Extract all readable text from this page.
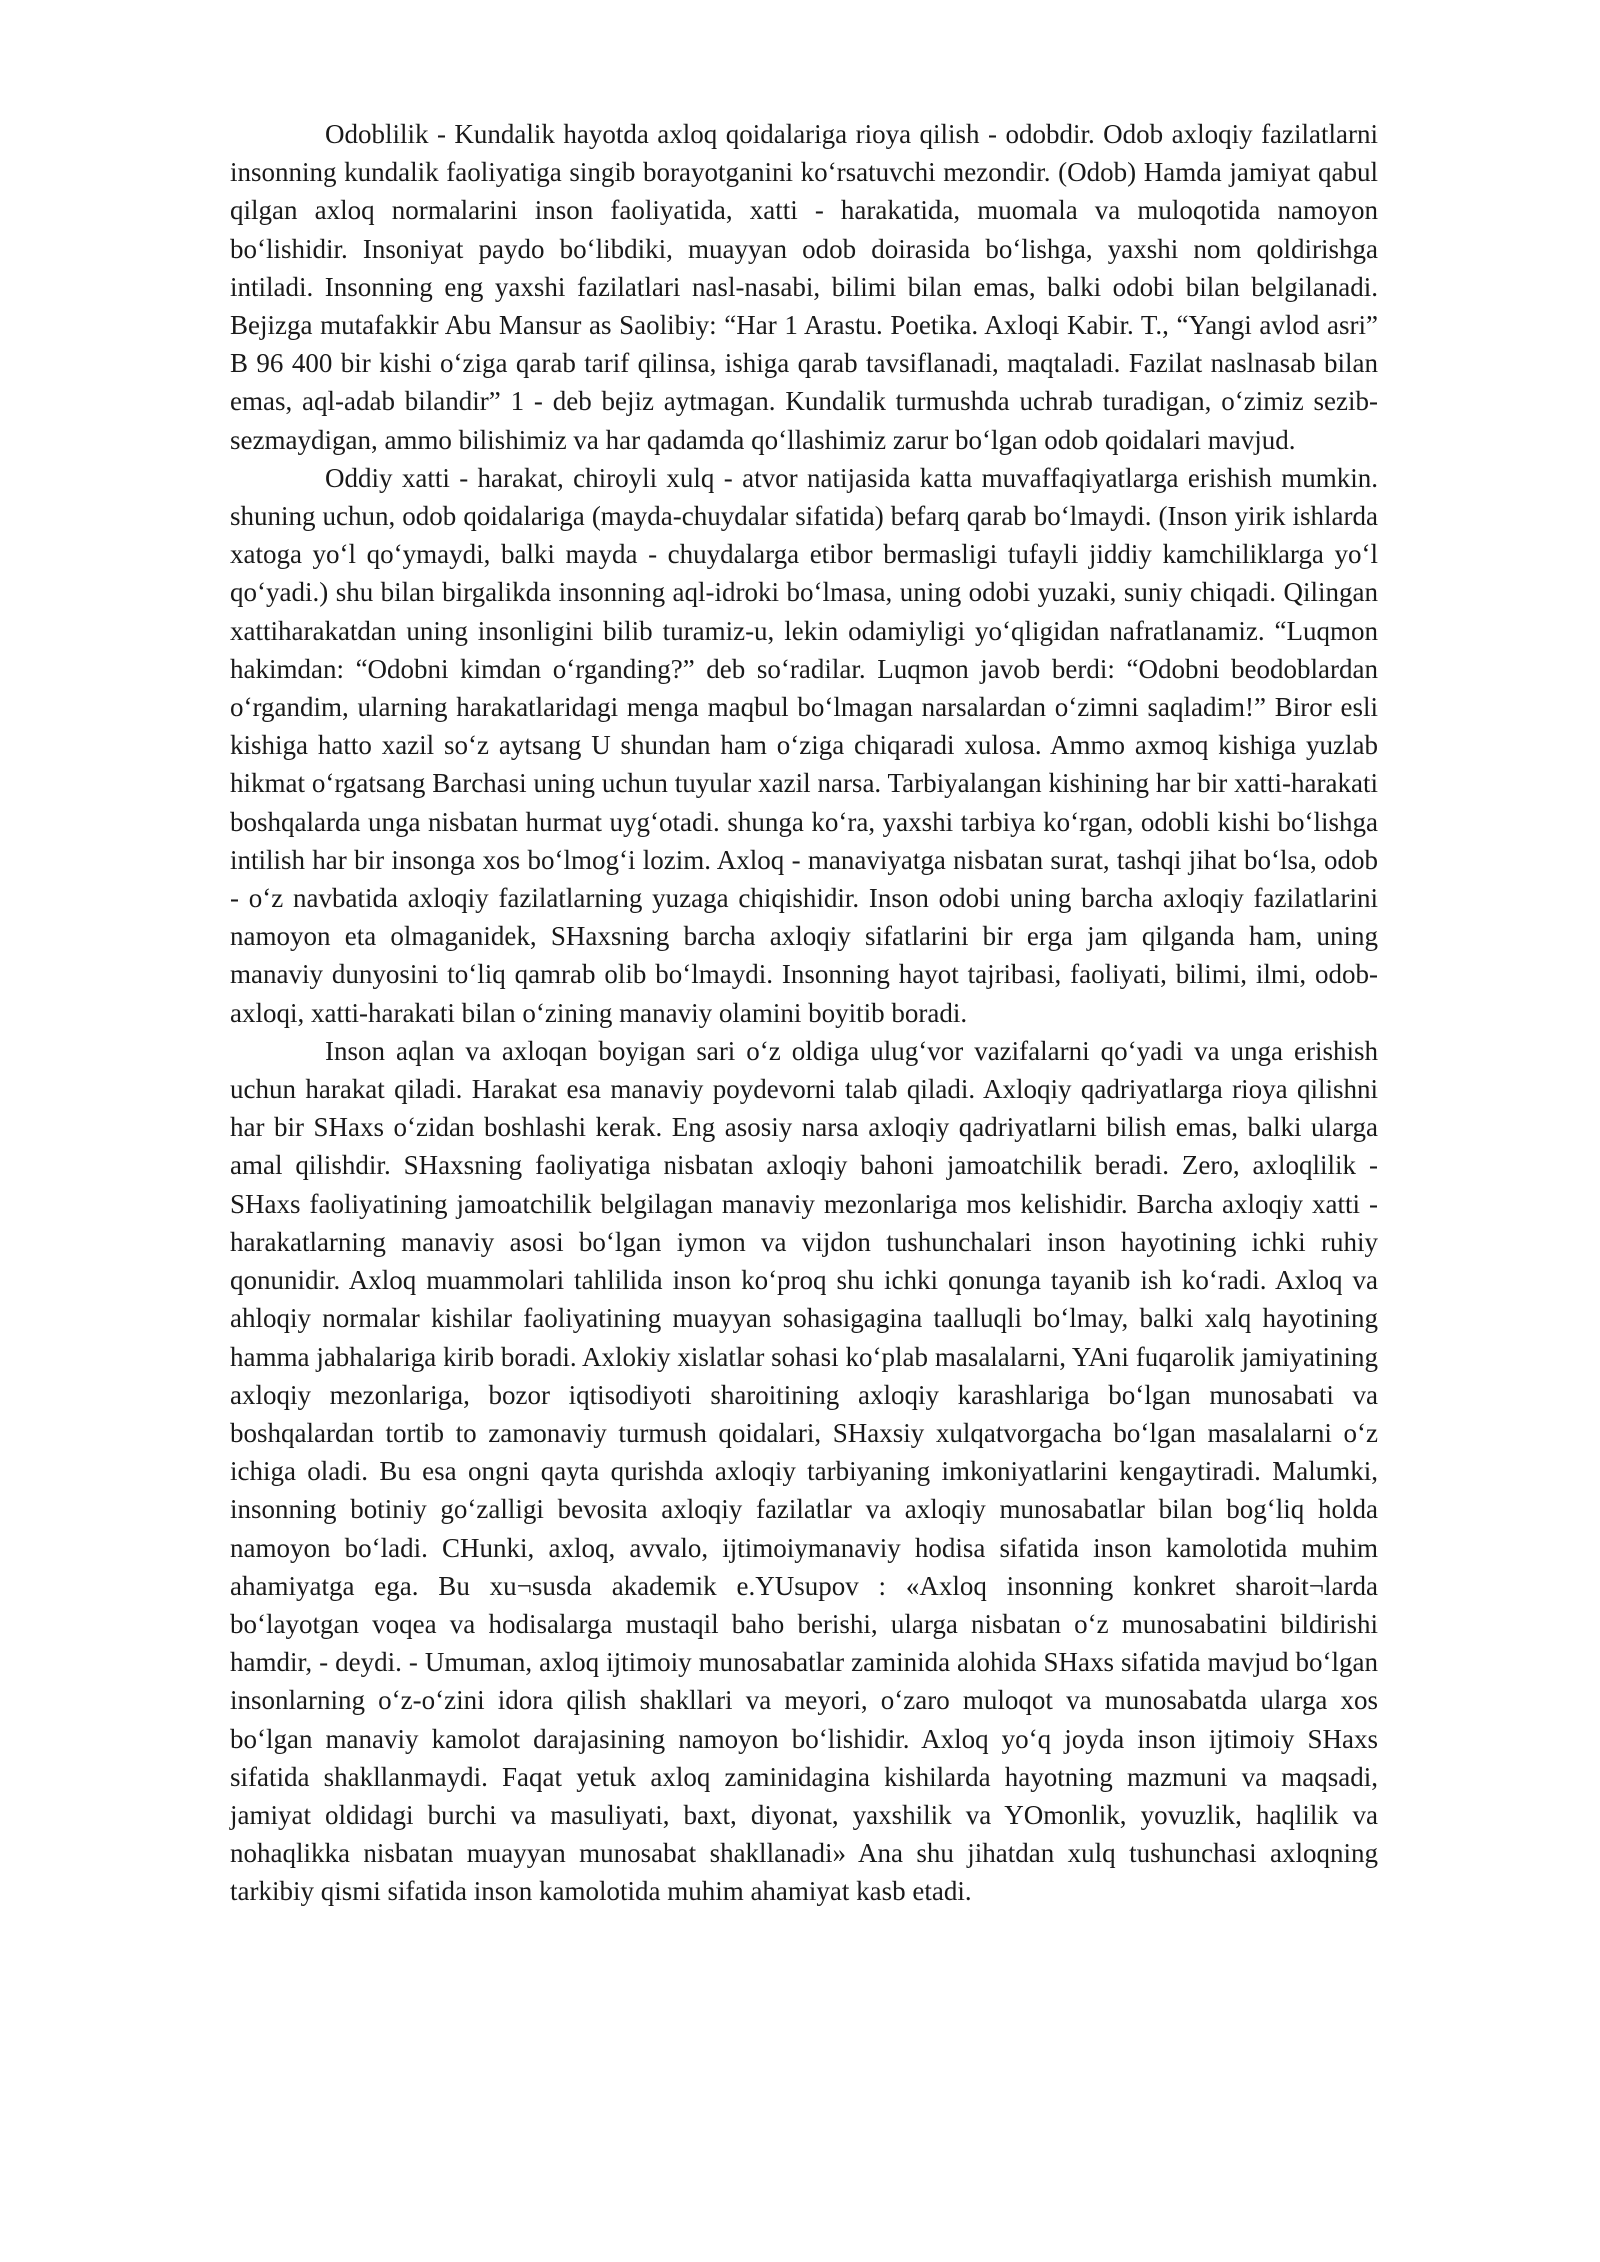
Odoblilik - Kundalik hayotda axloq qoidalariga rioya qilish - odobdir. Odob axloqiy fazilatlarni insonning kundalik faoliyatiga singib borayotganini ko‘rsatuvchi mezondir. (Odob) Hamda jamiyat qabul qilgan axloq normalarini inson faoliyatida, xatti - harakatida, muomala va muloqotida namoyon bo‘lishidir. Insoniyat paydo bo‘libdiki, muayyan odob doirasida bo‘lishga, yaxshi nom qoldirishga intiladi. Insonning eng yaxshi fazilatlari nasl-nasabi, bilimi bilan emas, balki odobi bilan belgilanadi. Bejizga mutafakkir Abu Mansur as Saolibiy: “Har 1 Arastu. Poetika. Axloqi Kabir. T., “Yangi avlod asri” B 96 400 bir kishi o‘ziga qarab tarif qilinsa, ishiga qarab tavsiflanadi, maqtaladi. Fazilat naslnasab bilan emas, aql-adab bilandir” 1 - deb bejiz aytmagan. Kundalik turmushda uchrab turadigan, o‘zimiz sezib-sezmaydigan, ammo bilishimiz va har qadamda qo‘llashimiz zarur bo‘lgan odob qoidalari mavjud.

Oddiy xatti - harakat, chiroyli xulq - atvor natijasida katta muvaffaqiyatlarga erishish mumkin. shuning uchun, odob qoidalariga (mayda-chuydalar sifatida) befarq qarab bo‘lmaydi. (Inson yirik ishlarda xatoga yo‘l qo‘ymaydi, balki mayda - chuydalarga etibor bermasligi tufayli jiddiy kamchiliklarga yo‘l qo‘yadi.) shu bilan birgalikda insonning aql-idroki bo‘lmasa, uning odobi yuzaki, suniy chiqadi. Qilingan xattiharakatdan uning insonligini bilib turamiz-u, lekin odamiyligi yo‘qligidan nafratlanamiz. “Luqmon hakimdan: “Odobni kimdan o‘rganding?” deb so‘radilar. Luqmon javob berdi: “Odobni beodoblardan o‘rgandim, ularning harakatlaridagi menga maqbul bo‘lmagan narsalardan o‘zimni saqladim!” Biror esli kishiga hatto xazil so‘z aytsang U shundan ham o‘ziga chiqaradi xulosa. Ammo axmoq kishiga yuzlab hikmat o‘rgatsang Barchasi uning uchun tuyular xazil narsa. Tarbiyalangan kishining har bir xatti-harakati boshqalarda unga nisbatan hurmat uyg‘otadi. shunga ko‘ra, yaxshi tarbiya ko‘rgan, odobli kishi bo‘lishga intilish har bir insonga xos bo‘lmog‘i lozim. Axloq - manaviyatga nisbatan surat, tashqi jihat bo‘lsa, odob - o‘z navbatida axloqiy fazilatlarning yuzaga chiqishidir. Inson odobi uning barcha axloqiy fazilatlarini namoyon eta olmaganidek, SHaxsning barcha axloqiy sifatlarini bir erga jam qilganda ham, uning manaviy dunyosini to‘liq qamrab olib bo‘lmaydi. Insonning hayot tajribasi, faoliyati, bilimi, ilmi, odob-axloqi, xatti-harakati bilan o‘zining manaviy olamini boyitib boradi.

Inson aqlan va axloqan boyigan sari o‘z oldiga ulug‘vor vazifalarni qo‘yadi va unga erishish uchun harakat qiladi. Harakat esa manaviy poydevorni talab qiladi. Axloqiy qadriyatlarga rioya qilishni har bir SHaxs o‘zidan boshlashi kerak. Eng asosiy narsa axloqiy qadriyatlarni bilish emas, balki ularga amal qilishdir. SHaxsning faoliyatiga nisbatan axloqiy bahoni jamoatchilik beradi. Zero, axloqlilik - SHaxs faoliyatining jamoatchilik belgilagan manaviy mezonlariga mos kelishidir. Barcha axloqiy xatti - harakatlarning manaviy asosi bo‘lgan iymon va vijdon tushunchalari inson hayotining ichki ruhiy qonunidir. Axloq muammolari tahlilida inson ko‘proq shu ichki qonunga tayanib ish ko‘radi. Axloq va ahloqiy normalar kishilar faoliyatining muayyan sohasigagina taalluqli bo‘lmay, balki xalq hayotining hamma jabhalariga kirib boradi. Axlokiy xislatlar sohasi ko‘plab masalalarni, YAni fuqarolik jamiyatining axloqiy mezonlariga, bozor iqtisodiyoti sharoitining axloqiy karashlariga bo‘lgan munosabati va boshqalardan tortib to zamonaviy turmush qoidalari, SHaxsiy xulqatvorgacha bo‘lgan masalalarni o‘z ichiga oladi. Bu esa ongni qayta qurishda axloqiy tarbiyaning imkoniyatlarini kengaytiradi. Malumki, insonning botiniy go‘zalligi bevosita axloqiy fazilatlar va axloqiy munosabatlar bilan bog‘liq holda namoyon bo‘ladi. CHunki, axloq, avvalo, ijtimoiymanaviy hodisa sifatida inson kamolotida muhim ahamiyatga ega. Bu xu¬susda akademik e.YUsupov : «Axloq insonning konkret sharoit¬larda bo‘layotgan voqea va hodisalarga mustaqil baho berishi, ularga nisbatan o‘z munosabatini bildirishi hamdir, - deydi. - Umuman, axloq ijtimoiy munosabatlar zaminida alohida SHaxs sifatida mavjud bo‘lgan insonlarning o‘z-o‘zini idora qilish shakllari va meyori, o‘zaro muloqot va munosabatda ularga xos bo‘lgan manaviy kamolot darajasining namoyon bo‘lishidir. Axloq yo‘q joyda inson ijtimoiy SHaxs sifatida shakllanmaydi. Faqat yetuk axloq zaminidagina kishilarda hayotning mazmuni va maqsadi, jamiyat oldidagi burchi va masuliyati, baxt, diyonat, yaxshilik va YOmonlik, yovuzlik, haqlilik va nohaqlikka nisbatan muayyan munosabat shakllanadi» Ana shu jihatdan xulq tushunchasi axloqning tarkibiy qismi sifatida inson kamolotida muhim ahamiyat kasb etadi.
